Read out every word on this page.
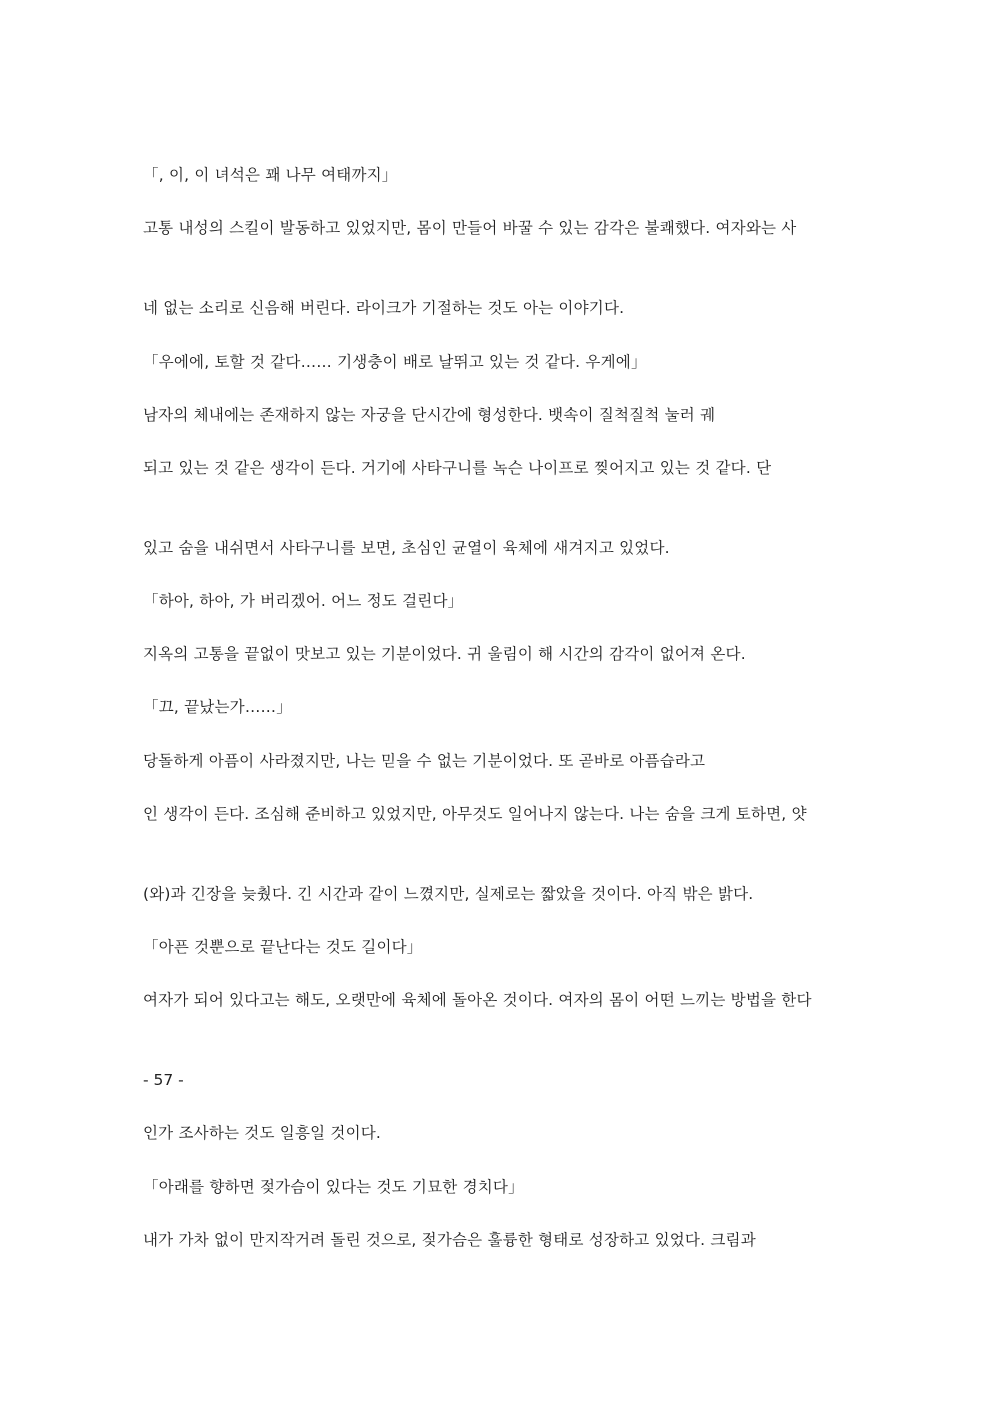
「, 이, 이 녀석은 꽤 나무 여태까지」

고통 내성의 스킬이 발동하고 있었지만, 몸이 만들어 바꿀 수 있는 감각은 불쾌했다. 여자와는 사

네 없는 소리로 신음해 버린다. 라이크가 기절하는 것도 아는 이야기다.

「우에에, 토할 것 같다…… 기생충이 배로 날뛰고 있는 것 같다. 우게에」

남자의 체내에는 존재하지 않는 자궁을 단시간에 형성한다. 뱃속이 질척질척 눌러 궤

되고 있는 것 같은 생각이 든다. 거기에 사타구니를 녹슨 나이프로 찢어지고 있는 것 같다. 단

있고 숨을 내쉬면서 사타구니를 보면, 초심인 균열이 육체에 새겨지고 있었다.

「하아, 하아, 가 버리겠어. 어느 정도 걸린다」

지옥의 고통을 끝없이 맛보고 있는 기분이었다. 귀 울림이 해 시간의 감각이 없어져 온다.

「끄, 끝났는가……」

당돌하게 아픔이 사라졌지만, 나는 믿을 수 없는 기분이었다. 또 곧바로 아픔습라고

인 생각이 든다. 조심해 준비하고 있었지만, 아무것도 일어나지 않는다. 나는 숨을 크게 토하면, 얏

(와)과 긴장을 늦췄다. 긴 시간과 같이 느꼈지만, 실제로는 짧았을 것이다. 아직 밖은 밝다.

「아픈 것뿐으로 끝난다는 것도 길이다」

여자가 되어 있다고는 해도, 오랫만에 육체에 돌아온 것이다. 여자의 몸이 어떤 느끼는 방법을 한다

- 57 -

인가 조사하는 것도 일흥일 것이다.

「아래를 향하면 젖가슴이 있다는 것도 기묘한 경치다」

내가 가차 없이 만지작거려 돌린 것으로, 젖가슴은 훌륭한 형태로 성장하고 있었다. 크림과
